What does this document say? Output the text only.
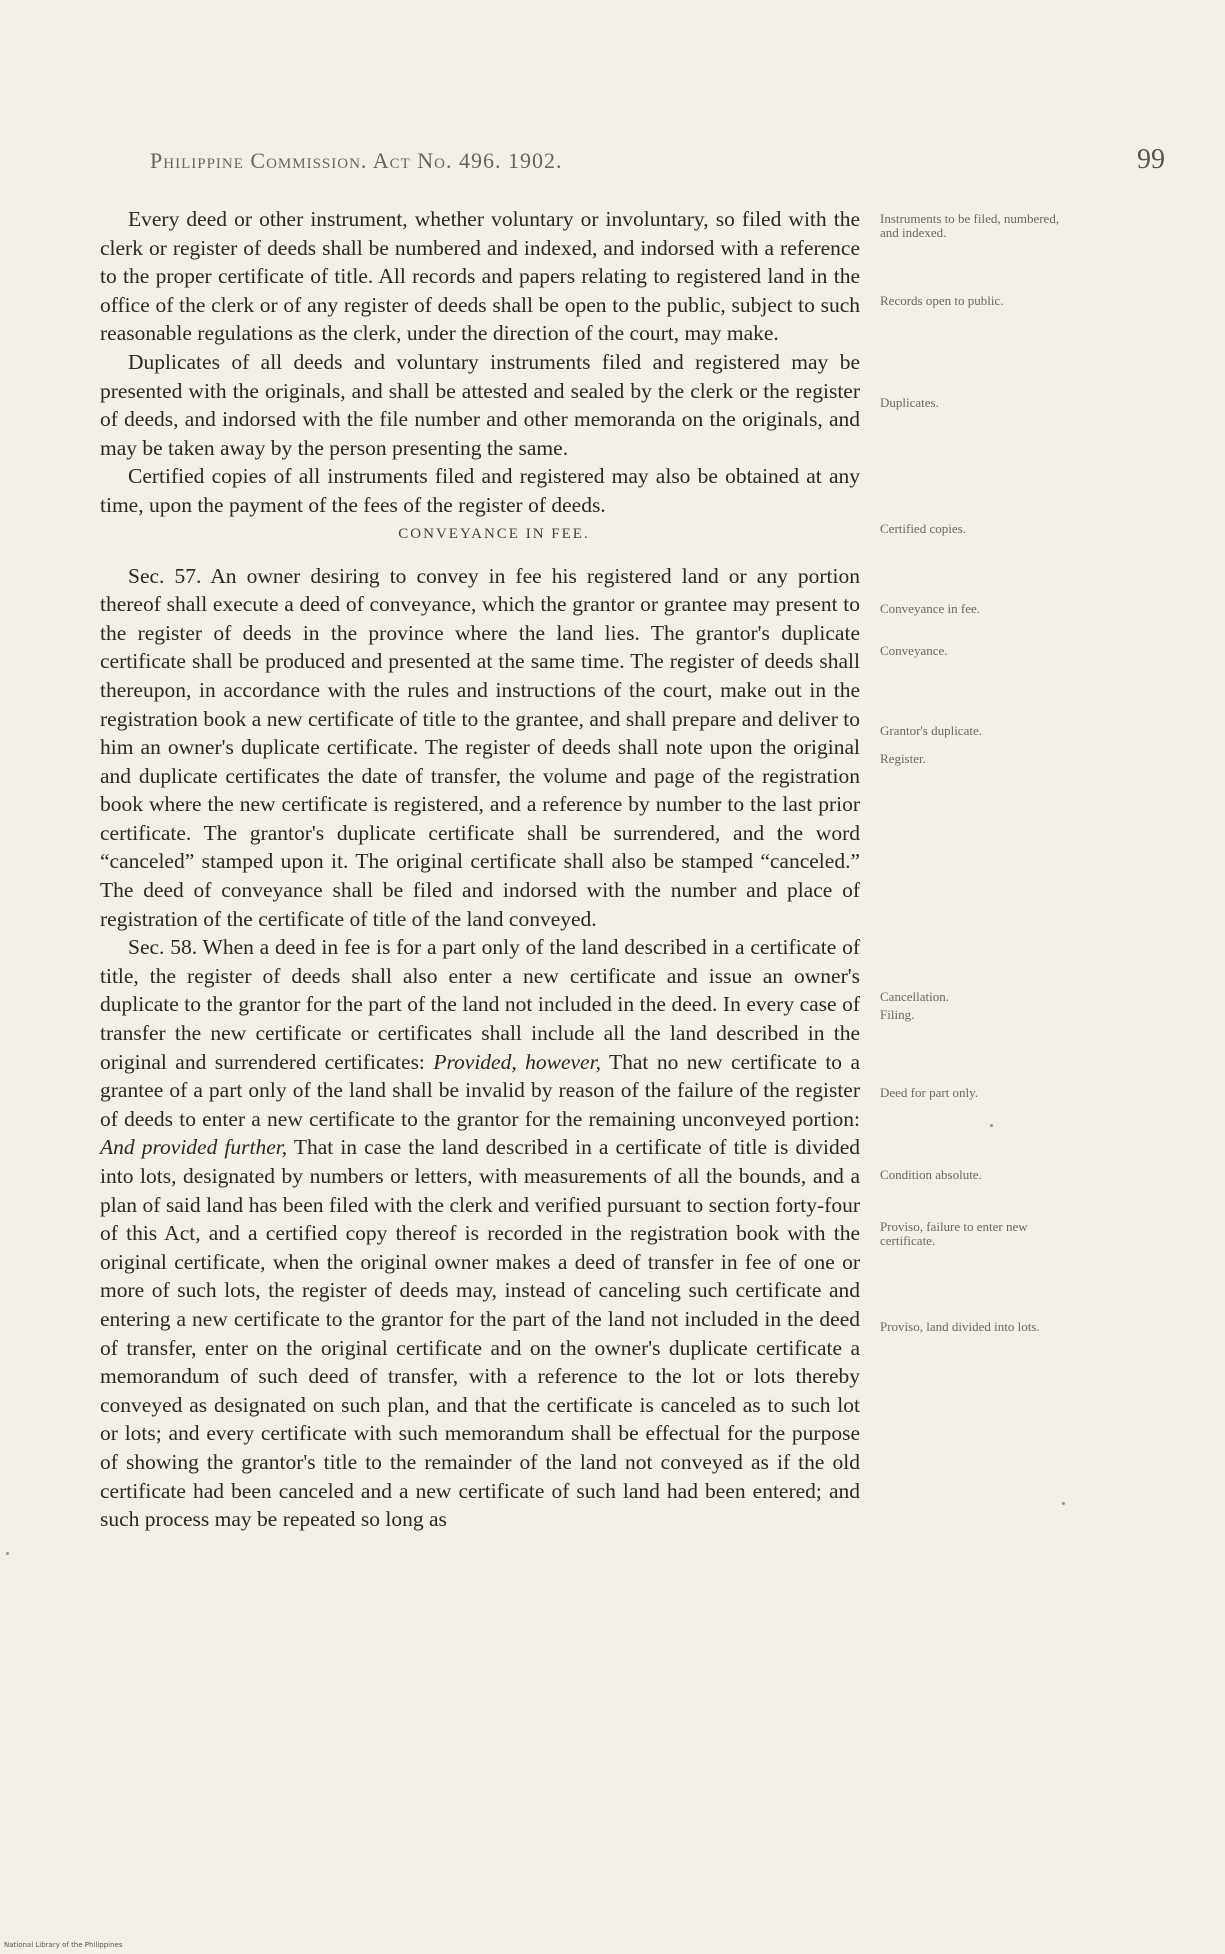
Philippine Commission. Act No. 496. 1902.	99

Every deed or other instrument, whether voluntary or involuntary, so filed with the clerk or register of deeds shall be numbered and indexed, and indorsed with a reference to the proper certificate of title. All records and papers relating to registered land in the office of the clerk or of any register of deeds shall be open to the public, subject to such reasonable regulations as the clerk, under the direction of the court, may make.

Duplicates of all deeds and voluntary instruments filed and registered may be presented with the originals, and shall be attested and sealed by the clerk or the register of deeds, and indorsed with the file number and other memoranda on the originals, and may be taken away by the person presenting the same.

Certified copies of all instruments filed and registered may also be obtained at any time, upon the payment of the fees of the register of deeds.

CONVEYANCE IN FEE.

Sec. 57. An owner desiring to convey in fee his registered land or any portion thereof shall execute a deed of conveyance, which the grantor or grantee may present to the register of deeds in the province where the land lies. The grantor's duplicate certificate shall be produced and presented at the same time. The register of deeds shall thereupon, in accordance with the rules and instructions of the court, make out in the registration book a new certificate of title to the grantee, and shall prepare and deliver to him an owner's duplicate certificate. The register of deeds shall note upon the original and duplicate certificates the date of transfer, the volume and page of the registration book where the new certificate is registered, and a reference by number to the last prior certificate. The grantor's duplicate certificate shall be surrendered, and the word “canceled” stamped upon it. The original certificate shall also be stamped “canceled.” The deed of conveyance shall be filed and indorsed with the number and place of registration of the certificate of title of the land conveyed.

Sec. 58. When a deed in fee is for a part only of the land described in a certificate of title, the register of deeds shall also enter a new certificate and issue an owner's duplicate to the grantor for the part of the land not included in the deed. In every case of transfer the new certificate or certificates shall include all the land described in the original and surrendered certificates: Provided, however, That no new certificate to a grantee of a part only of the land shall be invalid by reason of the failure of the register of deeds to enter a new certificate to the grantor for the remaining unconveyed portion: And provided further, That in case the land described in a certificate of title is divided into lots, designated by numbers or letters, with measurements of all the bounds, and a plan of said land has been filed with the clerk and verified pursuant to section forty-four of this Act, and a certified copy thereof is recorded in the registration book with the original certificate, when the original owner makes a deed of transfer in fee of one or more of such lots, the register of deeds may, instead of canceling such certificate and entering a new certificate to the grantor for the part of the land not included in the deed of transfer, enter on the original certificate and on the owner's duplicate certificate a memorandum of such deed of transfer, with a reference to the lot or lots thereby conveyed as designated on such plan, and that the certificate is canceled as to such lot or lots; and every certificate with such memorandum shall be effectual for the purpose of showing the grantor's title to the remainder of the land not conveyed as if the old certificate had been canceled and a new certificate of such land had been entered; and such process may be repeated so long as

Instruments to be filed, numbered, and indexed.
Records open to public.
Duplicates.
Certified copies.
Conveyance in fee.
Conveyance.
Grantor's duplicate.
Register.
Cancellation.
Filing.
Deed for part only.
Condition absolute.
Proviso, failure to enter new certificate.
Proviso, land divided into lots.
National Library of the Philippines
